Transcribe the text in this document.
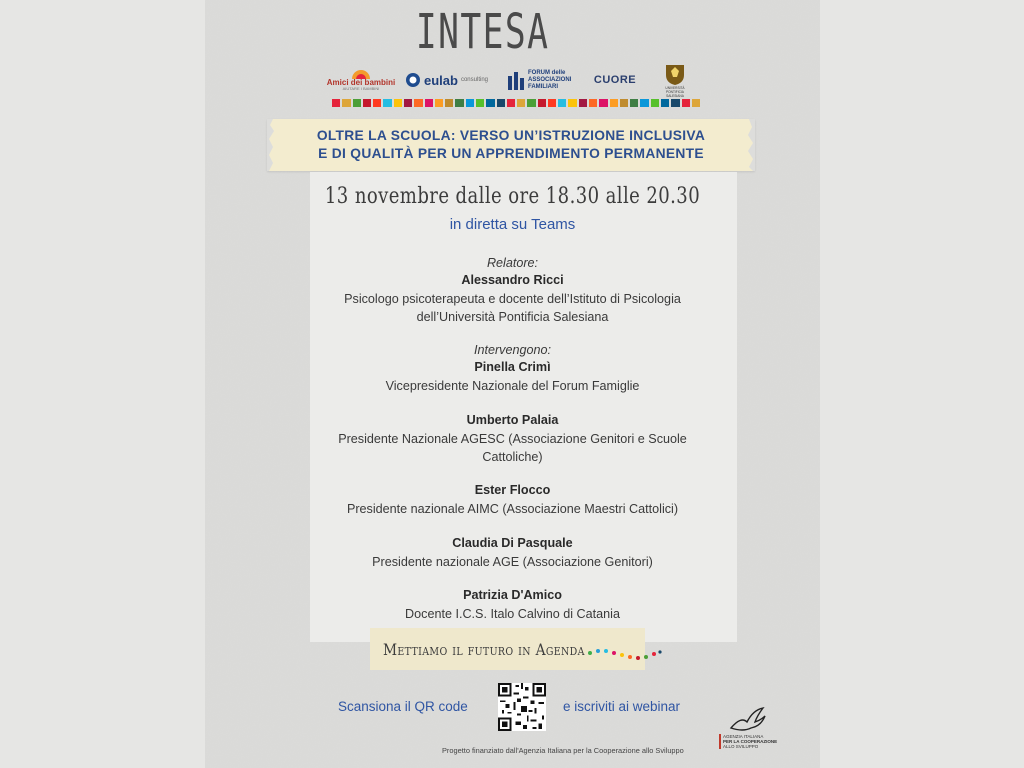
INTESA
Amici dei bambini
AIUTARE I BAMBINI
eulab consulting
FORUM delle
ASSOCIAZIONI
FAMILIARI
CUORE
UNIVERSITÀ
PONTIFICIA
SALESIANA
OLTRE LA SCUOLA: VERSO UN’ISTRUZIONE INCLUSIVA
E DI QUALITÀ PER UN APPRENDIMENTO PERMANENTE
13 novembre dalle ore 18.30 alle 20.30
in diretta su Teams
Relatore:
Alessandro Ricci
Psicologo psicoterapeuta e docente dell’Istituto di Psicologia
dell’Università Pontificia Salesiana
Intervengono:
Pinella Crimì
Vicepresidente Nazionale del Forum Famiglie
Umberto Palaia
Presidente Nazionale AGESC (Associazione Genitori e Scuole
Cattoliche)
Ester Flocco
Presidente nazionale AIMC (Associazione Maestri Cattolici)
Claudia Di Pasquale
Presidente nazionale AGE (Associazione Genitori)
Patrizia D'Amico
Docente I.C.S. Italo Calvino di Catania
Mettiamo il futuro in Agenda
Scansiona il QR code	e iscriviti ai webinar
Progetto finanziato dall'Agenzia Italiana per la Cooperazione allo Sviluppo
AGENZIA ITALIANA
PER LA COOPERAZIONE
ALLO SVILUPPO
